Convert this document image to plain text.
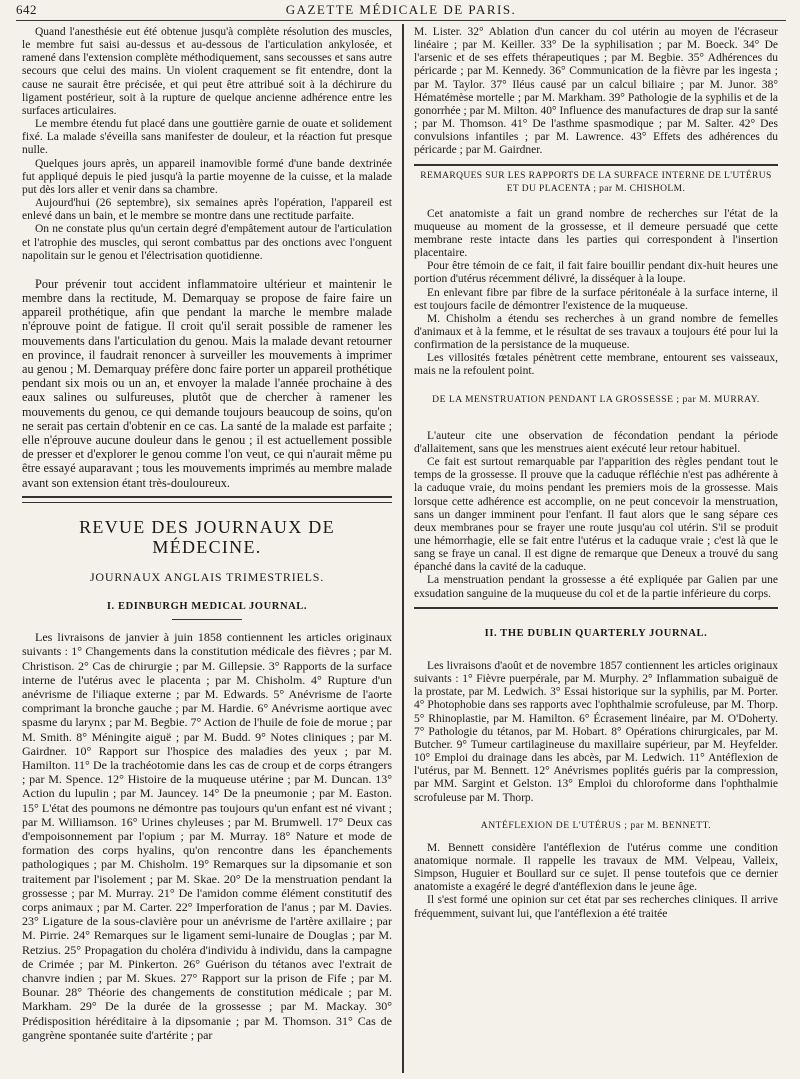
642	GAZETTE MÉDICALE DE PARIS.

Quand l'anesthésie eut été obtenue jusqu'à complète résolution des muscles, le membre fut saisi au-dessus et au-dessous de l'articulation ankylosée, et ramené dans l'extension complète méthodiquement, sans secousses et sans autre secours que celui des mains. Un violent craquement se fit entendre, dont la cause ne saurait être précisée, et qui peut être attribué soit à la déchirure du ligament postérieur, soit à la rupture de quelque ancienne adhérence entre les surfaces articulaires.

Le membre étendu fut placé dans une gouttière garnie de ouate et solidement fixé. La malade s'éveilla sans manifester de douleur, et la réaction fut presque nulle.

Quelques jours après, un appareil inamovible formé d'une bande dextrinée fut appliqué depuis le pied jusqu'à la partie moyenne de la cuisse, et la malade put dès lors aller et venir dans sa chambre.

Aujourd'hui (26 septembre), six semaines après l'opération, l'appareil est enlevé dans un bain, et le membre se montre dans une rectitude parfaite.

On ne constate plus qu'un certain degré d'empâtement autour de l'articulation et l'atrophie des muscles, qui seront combattus par des onctions avec l'onguent napolitain sur le genou et l'électrisation quotidienne.

Pour prévenir tout accident inflammatoire ultérieur et maintenir le membre dans la rectitude, M. Demarquay se propose de faire faire un appareil prothétique, afin que pendant la marche le membre malade n'éprouve point de fatigue. Il croit qu'il serait possible de ramener les mouvements dans l'articulation du genou. Mais la malade devant retourner en province, il faudrait renoncer à surveiller les mouvements à imprimer au genou ; M. Demarquay préfère donc faire porter un appareil prothétique pendant six mois ou un an, et envoyer la malade l'année prochaine à des eaux salines ou sulfureuses, plutôt que de chercher à ramener les mouvements du genou, ce qui demande toujours beaucoup de soins, qu'on ne serait pas certain d'obtenir en ce cas. La santé de la malade est parfaite ; elle n'éprouve aucune douleur dans le genou ; il est actuellement possible de presser et d'explorer le genou comme l'on veut, ce qui n'aurait même pu être essayé auparavant ; tous les mouvements imprimés au membre malade avant son extension étant très-douloureux.

REVUE DES JOURNAUX DE MÉDECINE.
JOURNAUX ANGLAIS TRIMESTRIELS.
I. EDINBURGH MEDICAL JOURNAL.

Les livraisons de janvier à juin 1858 contiennent les articles originaux suivants : 1° Changements dans la constitution médicale des fièvres ; par M. Christison. 2° Cas de chirurgie ; par M. Gillepsie. 3° Rapports de la surface interne de l'utérus avec le placenta ; par M. Chisholm. 4° Rupture d'un anévrisme de l'iliaque externe ; par M. Edwards. 5° Anévrisme de l'aorte comprimant la bronche gauche ; par M. Hardie. 6° Anévrisme aortique avec spasme du larynx ; par M. Begbie. 7° Action de l'huile de foie de morue ; par M. Smith. 8° Méningite aiguë ; par M. Budd. 9° Notes cliniques ; par M. Gairdner. 10° Rapport sur l'hospice des maladies des yeux ; par M. Hamilton. 11° De la trachéotomie dans les cas de croup et de corps étrangers ; par M. Spence. 12° Histoire de la muqueuse utérine ; par M. Duncan. 13° Action du lupulin ; par M. Jauncey. 14° De la pneumonie ; par M. Easton. 15° L'état des poumons ne démontre pas toujours qu'un enfant est né vivant ; par M. Williamson. 16° Urines chyleuses ; par M. Brumwell. 17° Deux cas d'empoisonnement par l'opium ; par M. Murray. 18° Nature et mode de formation des corps hyalins, qu'on rencontre dans les épanchements pathologiques ; par M. Chisholm. 19° Remarques sur la dipsomanie et son traitement par l'isolement ; par M. Skae. 20° De la menstruation pendant la grossesse ; par M. Murray. 21° De l'amidon comme élément constitutif des corps animaux ; par M. Carter. 22° Imperforation de l'anus ; par M. Davies. 23° Ligature de la sous-clavière pour un anévrisme de l'artère axillaire ; par M. Pirrie. 24° Remarques sur le ligament semi-lunaire de Douglas ; par M. Retzius. 25° Propagation du choléra d'individu à individu, dans la campagne de Crimée ; par M. Pinkerton. 26° Guérison du tétanos avec l'extrait de chanvre indien ; par M. Skues. 27° Rapport sur la prison de Fife ; par M. Bounar. 28° Théorie des changements de constitution médicale ; par M. Markham. 29° De la durée de la grossesse ; par M. Mackay. 30° Prédisposition héréditaire à la dipsomanie ; par M. Thomson. 31° Cas de gangrène spontanée suite d'artérite ; par

M. Lister. 32° Ablation d'un cancer du col utérin au moyen de l'écraseur linéaire ; par M. Keiller. 33° De la syphilisation ; par M. Boeck. 34° De l'arsenic et de ses effets thérapeutiques ; par M. Begbie. 35° Adhérences du péricarde ; par M. Kennedy. 36° Communication de la fièvre par les ingesta ; par M. Taylor. 37° Iléus causé par un calcul biliaire ; par M. Junor. 38° Hématémèse mortelle ; par M. Markham. 39° Pathologie de la syphilis et de la gonorrhée ; par M. Milton. 40° Influence des manufactures de drap sur la santé ; par M. Thomson. 41° De l'asthme spasmodique ; par M. Salter. 42° Des convulsions infantiles ; par M. Lawrence. 43° Effets des adhérences du péricarde ; par M. Gairdner.

REMARQUES SUR LES RAPPORTS DE LA SURFACE INTERNE DE L'UTÉRUS ET DU PLACENTA ; par M. CHISHOLM.

Cet anatomiste a fait un grand nombre de recherches sur l'état de la muqueuse au moment de la grossesse, et il demeure persuadé que cette membrane reste intacte dans les parties qui correspondent à l'insertion placentaire.

Pour être témoin de ce fait, il fait faire bouillir pendant dix-huit heures une portion d'utérus récemment délivré, la disséquer à la loupe.

En enlevant fibre par fibre de la surface péritonéale à la surface interne, il est toujours facile de démontrer l'existence de la muqueuse.

M. Chisholm a étendu ses recherches à un grand nombre de femelles d'animaux et à la femme, et le résultat de ses travaux a toujours été pour lui la confirmation de la persistance de la muqueuse.

Les villosités fœtales pénètrent cette membrane, entourent ses vaisseaux, mais ne la refoulent point.

DE LA MENSTRUATION PENDANT LA GROSSESSE ; par M. MURRAY.

L'auteur cite une observation de fécondation pendant la période d'allaitement, sans que les menstrues aient exécuté leur retour habituel.

Ce fait est surtout remarquable par l'apparition des règles pendant tout le temps de la grossesse. Il prouve que la caduque réfléchie n'est pas adhérente à la caduque vraie, du moins pendant les premiers mois de la grossesse. Mais lorsque cette adhérence est accomplie, on ne peut concevoir la menstruation, sans un danger imminent pour l'enfant. Il faut alors que le sang sépare ces deux membranes pour se frayer une route jusqu'au col utérin. S'il se produit une hémorrhagie, elle se fait entre l'utérus et la caduque vraie ; c'est là que le sang se fraye un canal. Il est digne de remarque que Deneux a trouvé du sang épanché dans la cavité de la caduque.

La menstruation pendant la grossesse a été expliquée par Galien par une exsudation sanguine de la muqueuse du col et de la partie inférieure du corps.

II. THE DUBLIN QUARTERLY JOURNAL.

Les livraisons d'août et de novembre 1857 contiennent les articles originaux suivants : 1° Fièvre puerpérale, par M. Murphy. 2° Inflammation subaiguë de la prostate, par M. Ledwich. 3° Essai historique sur la syphilis, par M. Porter. 4° Photophobie dans ses rapports avec l'ophthalmie scrofuleuse, par M. Thorp. 5° Rhinoplastie, par M. Hamilton. 6° Écrasement linéaire, par M. O'Doherty. 7° Pathologie du tétanos, par M. Hobart. 8° Opérations chirurgicales, par M. Butcher. 9° Tumeur cartilagineuse du maxillaire supérieur, par M. Heyfelder. 10° Emploi du drainage dans les abcès, par M. Ledwich. 11° Antéflexion de l'utérus, par M. Bennett. 12° Anévrismes poplités guéris par la compression, par MM. Sargint et Gelston. 13° Emploi du chloroforme dans l'ophthalmie scrofuleuse par M. Thorp.

ANTÉFLEXION DE L'UTÉRUS ; par M. BENNETT.

M. Bennett considère l'antéflexion de l'utérus comme une condition anatomique normale. Il rappelle les travaux de MM. Velpeau, Valleix, Simpson, Huguier et Boullard sur ce sujet. Il pense toutefois que ce dernier anatomiste a exagéré le degré d'antéflexion dans le jeune âge.

Il s'est formé une opinion sur cet état par ses recherches cliniques. Il arrive fréquemment, suivant lui, que l'antéflexion a été traitée
